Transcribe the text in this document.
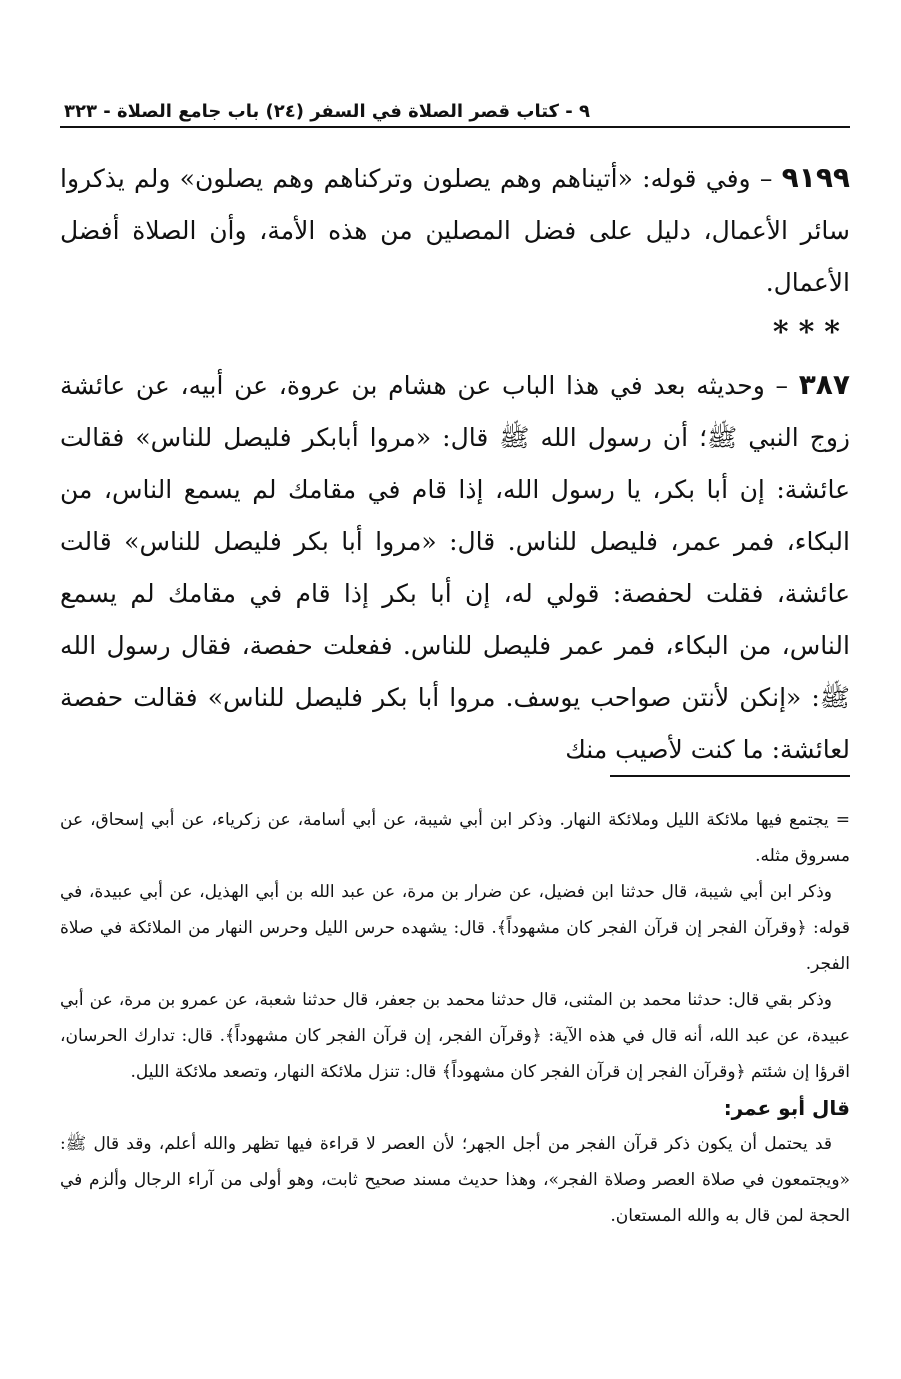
٩ - كتاب قصر الصلاة في السفر (٢٤) باب جامع الصلاة - ٣٢٣

٩١٩٩ – وفي قوله: «أتيناهم وهم يصلون وتركناهم وهم يصلون» ولم يذكروا سائر الأعمال، دليل على فضل المصلين من هذه الأمة، وأن الصلاة أفضل الأعمال.

***

٣٨٧ – وحديثه بعد في هذا الباب عن هشام بن عروة، عن أبيه، عن عائشة زوج النبي ﷺ؛ أن رسول الله ﷺ قال: «مروا أبابكر فليصل للناس» فقالت عائشة: إن أبا بكر، يا رسول الله، إذا قام في مقامك لم يسمع الناس، من البكاء، فمر عمر، فليصل للناس. قال: «مروا أبا بكر فليصل للناس» قالت عائشة، فقلت لحفصة: قولي له، إن أبا بكر إذا قام في مقامك لم يسمع الناس، من البكاء، فمر عمر فليصل للناس. ففعلت حفصة، فقال رسول الله ﷺ: «إنكن لأنتن صواحب يوسف. مروا أبا بكر فليصل للناس» فقالت حفصة لعائشة: ما كنت لأصيب منك

= يجتمع فيها ملائكة الليل وملائكة النهار. وذكر ابن أبي شيبة، عن أبي أسامة، عن زكرياء، عن أبي إسحاق، عن مسروق مثله.

وذكر ابن أبي شيبة، قال حدثنا ابن فضيل، عن ضرار بن مرة، عن عبد الله بن أبي الهذيل، عن أبي عبيدة، في قوله: ﴿وقرآن الفجر إن قرآن الفجر كان مشهوداً﴾. قال: يشهده حرس الليل وحرس النهار من الملائكة في صلاة الفجر.

وذكر بقي قال: حدثنا محمد بن المثنى، قال حدثنا محمد بن جعفر، قال حدثنا شعبة، عن عمرو بن مرة، عن أبي عبيدة، عن عبد الله، أنه قال في هذه الآية: ﴿وقرآن الفجر، إن قرآن الفجر كان مشهوداً﴾. قال: تدارك الحرسان، اقرؤا إن شئتم ﴿وقرآن الفجر إن قرآن الفجر كان مشهوداً﴾ قال: تنزل ملائكة النهار، وتصعد ملائكة الليل.

قال أبو عمر:

قد يحتمل أن يكون ذكر قرآن الفجر من أجل الجهر؛ لأن العصر لا قراءة فيها تظهر والله أعلم، وقد قال ﷺ: «ويجتمعون في صلاة العصر وصلاة الفجر»، وهذا حديث مسند صحيح ثابت، وهو أولى من آراء الرجال وألزم في الحجة لمن قال به والله المستعان.
